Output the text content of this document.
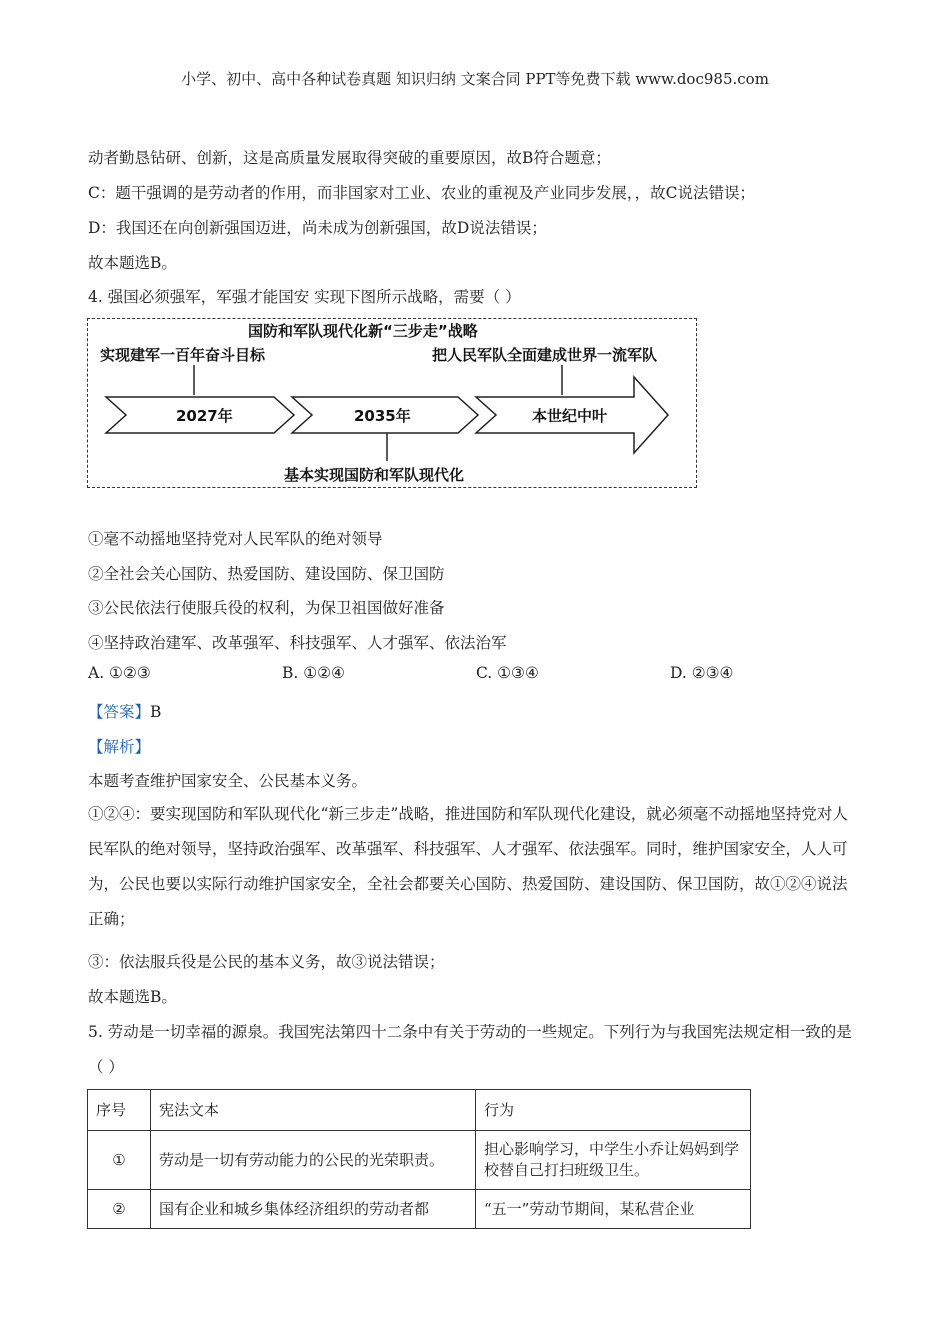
小学、初中、高中各种试卷真题 知识归纳 文案合同 PPT等免费下载 www.doc985.com
动者勤恳钻研、创新，这是高质量发展取得突破的重要原因，故B符合题意；
C：题干强调的是劳动者的作用，而非国家对工业、农业的重视及产业同步发展，，故C说法错误；
D：我国还在向创新强国迈进，尚未成为创新强国，故D说法错误；
故本题选B。
4. 强国必须强军，军强才能国安 实现下图所示战略，需要（ ）
国防和军队现代化新“三步走”战略
实现建军一百年奋斗目标	把人民军队全面建成世界一流军队
2027年	2035年	本世纪中叶
基本实现国防和军队现代化
①毫不动摇地坚持党对人民军队的绝对领导
②全社会关心国防、热爱国防、建设国防、保卫国防
③公民依法行使服兵役的权利，为保卫祖国做好准备
④坚持政治建军、改革强军、科技强军、人才强军、依法治军
A. ①②③	B. ①②④	C. ①③④	D. ②③④
【答案】B
【解析】
本题考查维护国家安全、公民基本义务。
①②④：要实现国防和军队现代化“新三步走”战略，推进国防和军队现代化建设，就必须毫不动摇地坚持党对人民军队的绝对领导，坚持政治强军、改革强军、科技强军、人才强军、依法强军。同时，维护国家安全，人人可为，公民也要以实际行动维护国家安全，全社会都要关心国防、热爱国防、建设国防、保卫国防，故①②④说法正确；
③：依法服兵役是公民的基本义务，故③说法错误；
故本题选B。
5. 劳动是一切幸福的源泉。我国宪法第四十二条中有关于劳动的一些规定。下列行为与我国宪法规定相一致的是（ ）
序号	宪法文本	行为
①	劳动是一切有劳动能力的公民的光荣职责。	担心影响学习，中学生小乔让妈妈到学校替自己打扫班级卫生。
②	国有企业和城乡集体经济组织的劳动者都	“五一”劳动节期间，某私营企业
